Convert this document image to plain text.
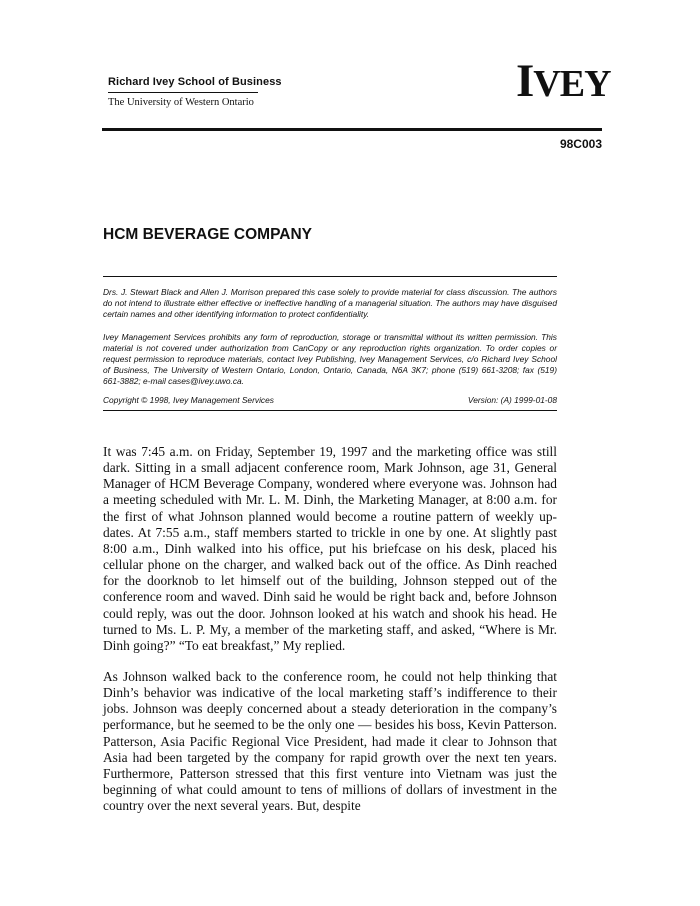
Richard Ivey School of Business
The University of Western Ontario	IVEY
98C003
HCM BEVERAGE COMPANY

Drs. J. Stewart Black and Allen J. Morrison prepared this case solely to provide material for class discussion. The authors do not intend to illustrate either effective or ineffective handling of a managerial situation. The authors may have disguised certain names and other identifying information to protect confidentiality.

Ivey Management Services prohibits any form of reproduction, storage or transmittal without its written permission. This material is not covered under authorization from CanCopy or any reproduction rights organization. To order copies or request permission to reproduce materials, contact Ivey Publishing, Ivey Management Services, c/o Richard Ivey School of Business, The University of Western Ontario, London, Ontario, Canada, N6A 3K7; phone (519) 661-3208; fax (519) 661-3882; e-mail cases@ivey.uwo.ca.

Copyright © 1998, Ivey Management Services	Version: (A) 1999-01-08

It was 7:45 a.m. on Friday, September 19, 1997 and the marketing office was still dark. Sitting in a small adjacent conference room, Mark Johnson, age 31, General Manager of HCM Beverage Company, wondered where everyone was. Johnson had a meeting scheduled with Mr. L. M. Dinh, the Marketing Manager, at 8:00 a.m. for the first of what Johnson planned would become a routine pattern of weekly up-dates. At 7:55 a.m., staff members started to trickle in one by one. At slightly past 8:00 a.m., Dinh walked into his office, put his briefcase on his desk, placed his cellular phone on the charger, and walked back out of the office. As Dinh reached for the doorknob to let himself out of the building, Johnson stepped out of the conference room and waved. Dinh said he would be right back and, before Johnson could reply, was out the door. Johnson looked at his watch and shook his head. He turned to Ms. L. P. My, a member of the marketing staff, and asked, “Where is Mr. Dinh going?” “To eat breakfast,” My replied.

As Johnson walked back to the conference room, he could not help thinking that Dinh’s behavior was indicative of the local marketing staff’s indifference to their jobs. Johnson was deeply concerned about a steady deterioration in the company’s performance, but he seemed to be the only one — besides his boss, Kevin Patterson. Patterson, Asia Pacific Regional Vice President, had made it clear to Johnson that Asia had been targeted by the company for rapid growth over the next ten years. Furthermore, Patterson stressed that this first venture into Vietnam was just the beginning of what could amount to tens of millions of dollars of investment in the country over the next several years. But, despite
